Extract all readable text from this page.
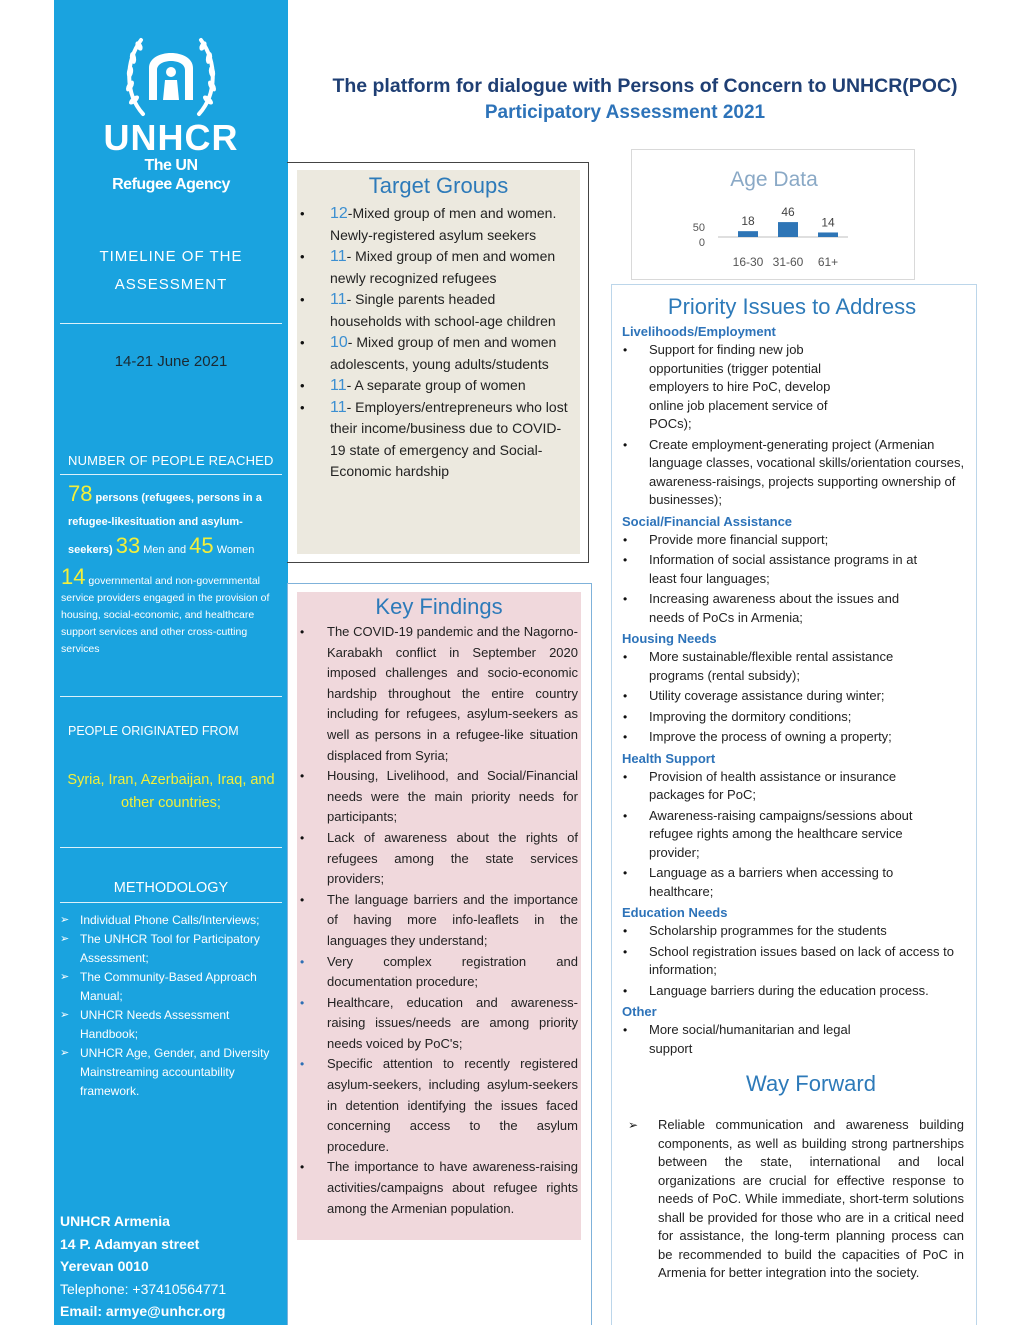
UNHCR
The UN
Refugee Agency
TIMELINE OF THE
ASSESSMENT
14-21 June 2021
NUMBER OF PEOPLE REACHED
78 persons (refugees, persons in a refugee-likesituation and asylum-seekers) 33 Men and 45 Women
14 governmental and non-governmental service providers engaged in the provision of housing, social-economic, and healthcare support services and other cross-cutting services
PEOPLE ORIGINATED FROM
Syria, Iran, Azerbaijan, Iraq, and other countries;
METHODOLOGY
➢ Individual Phone Calls/Interviews;
➢ The UNHCR Tool for Participatory Assessment;
➢ The Community-Based Approach Manual;
➢ UNHCR Needs Assessment Handbook;
➢ UNHCR Age, Gender, and Diversity Mainstreaming accountability framework.
UNHCR Armenia
14 P. Adamyan street
Yerevan 0010
Telephone: +37410564771
Email: armye@unhcr.org
The platform for dialogue with Persons of Concern to UNHCR(POC)
Participatory Assessment 2021
Target Groups
• 12-Mixed group of men and women. Newly-registered asylum seekers
• 11- Mixed group of men and women newly recognized refugees
• 11- Single parents headed households with school-age children
• 10- Mixed group of men and women adolescents, young adults/students
• 11- A separate group of women
• 11- Employers/entrepreneurs who lost their income/business due to COVID-19 state of emergency and Social-Economic hardship
Key Findings
• The COVID-19 pandemic and the Nagorno-Karabakh conflict in September 2020 imposed challenges and socio-economic hardship throughout the entire country including for refugees, asylum-seekers as well as persons in a refugee-like situation displaced from Syria;
• Housing, Livelihood, and Social/Financial needs were the main priority needs for participants;
• Lack of awareness about the rights of refugees among the state services providers;
• The language barriers and the importance of having more info-leaflets in the languages they understand;
• Very complex registration and documentation procedure;
• Healthcare, education and awareness-raising issues/needs are among priority needs voiced by PoC's;
• Specific attention to recently registered asylum-seekers, including asylum-seekers in detention identifying the issues faced concerning access to the asylum procedure.
• The importance to have awareness-raising activities/campaigns about refugee rights among the Armenian population.
Age Data
50
0
18
16-30
46
31-60
14
61+
Priority Issues to Address
Livelihoods/Employment
• Support for finding new job opportunities (trigger potential employers to hire PoC, develop online job placement service of POCs);
• Create employment-generating project (Armenian language classes, vocational skills/orientation courses, awareness-raisings, projects supporting ownership of businesses);
Social/Financial Assistance
• Provide more financial support;
• Information of social assistance programs in at least four languages;
• Increasing awareness about the issues and needs of PoCs in Armenia;
Housing Needs
• More sustainable/flexible rental assistance programs (rental subsidy);
• Utility coverage assistance during winter;
• Improving the dormitory conditions;
• Improve the process of owning a property;
Health Support
• Provision of health assistance or insurance packages for PoC;
• Awareness-raising campaigns/sessions about refugee rights among the healthcare service provider;
• Language as a barriers when accessing to healthcare;
Education Needs
• Scholarship programmes for the students
• School registration issues based on lack of access to information;
• Language barriers during the education process.
Other
• More social/humanitarian and legal support
Way Forward
➢ Reliable communication and awareness building components, as well as building strong partnerships between the state, international and local organizations are crucial for effective response to needs of PoC. While immediate, short-term solutions shall be provided for those who are in a critical need for assistance, the long-term planning process can be recommended to build the capacities of PoC in Armenia for better integration into the society.
